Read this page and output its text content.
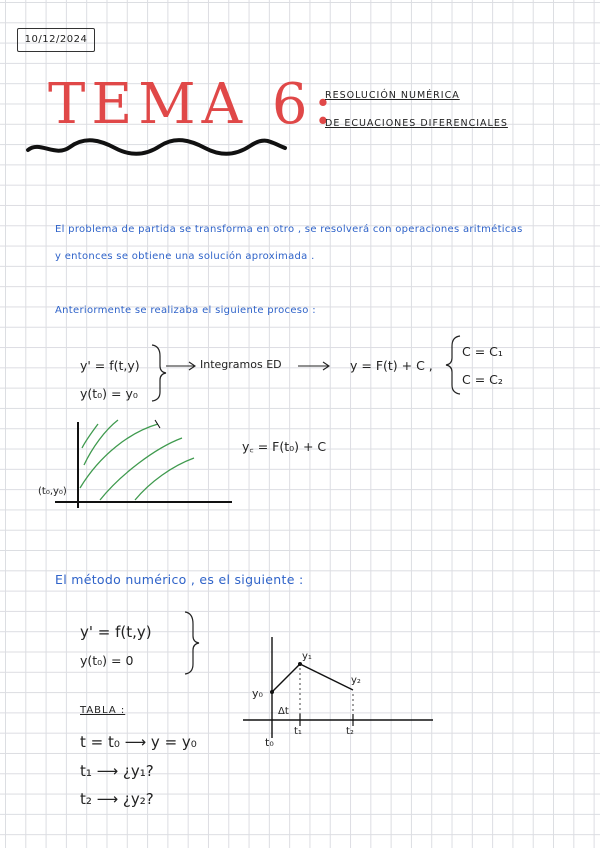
10/12/2024
TEMA 6:
RESOLUCIÓN NUMÉRICA
DE ECUACIONES DIFERENCIALES
El problema de partida se transforma en otro , se resolverá con operaciones aritméticas
y entonces se obtiene una solución aproximada .
Anteriormente se realizaba el siguiente proceso :
y' = f(t,y)
y(t₀) = y₀
Integramos ED	y = F(t) + C ,
C = C₁
C = C₂
y꜀ = F(t₀) + C
(t₀,y₀)
El método numérico , es el siguiente :
y' = f(t,y)
y(t₀) = 0
TABLA :
t = t₀ ⟶ y = y₀
t₁ ⟶ ¿y₁?
t₂ ⟶ ¿y₂?
y₀
y₁
y₂
Δt
t₀
t₁	t₂
